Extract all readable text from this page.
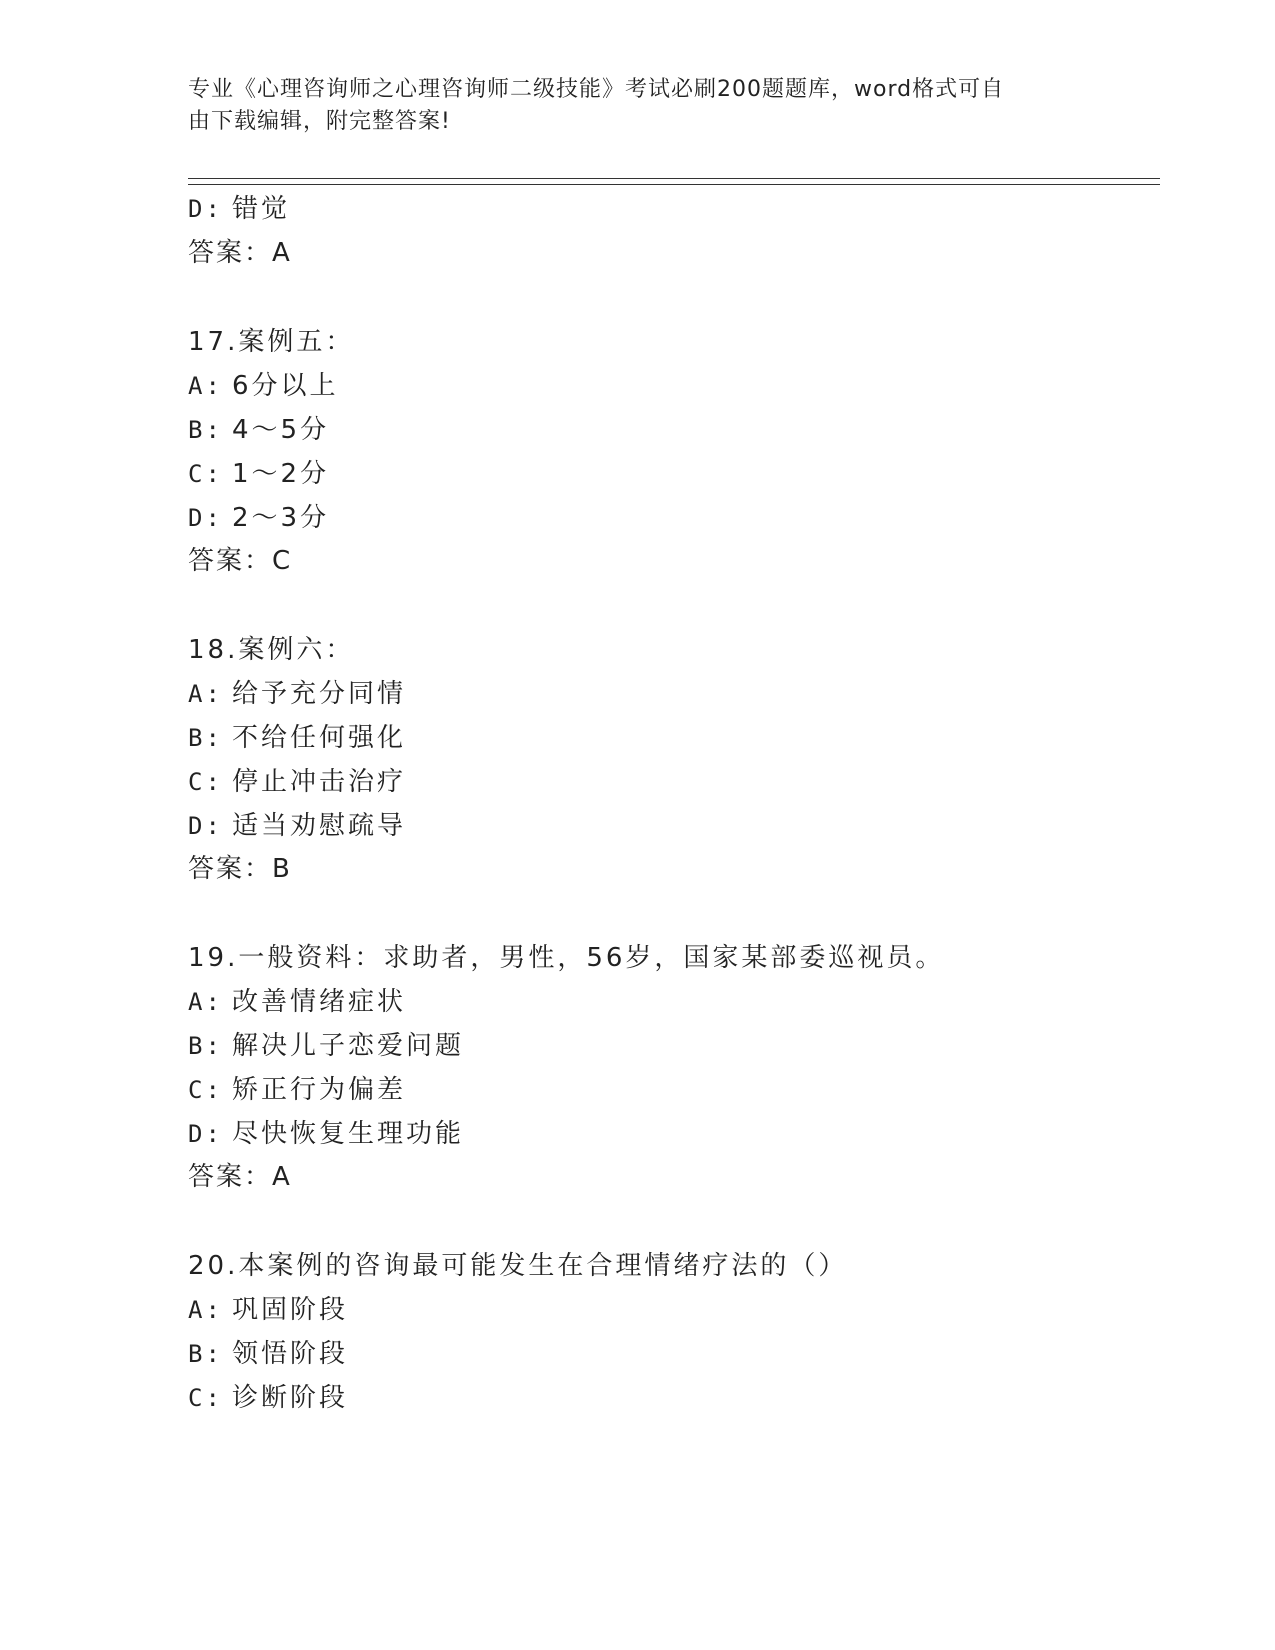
专业《心理咨询师之心理咨询师二级技能》考试必刷200题题库，word格式可自
由下载编辑，附完整答案!
D: 错觉
答案：A
17.案例五：
A: 6分以上
B: 4～5分
C: 1～2分
D: 2～3分
答案：C
18.案例六：
A: 给予充分同情
B: 不给任何强化
C: 停止冲击治疗
D: 适当劝慰疏导
答案：B
19.一般资料：求助者，男性，56岁，国家某部委巡视员。
A: 改善情绪症状
B: 解决儿子恋爱问题
C: 矫正行为偏差
D: 尽快恢复生理功能
答案：A
20.本案例的咨询最可能发生在合理情绪疗法的（）
A: 巩固阶段
B: 领悟阶段
C: 诊断阶段
